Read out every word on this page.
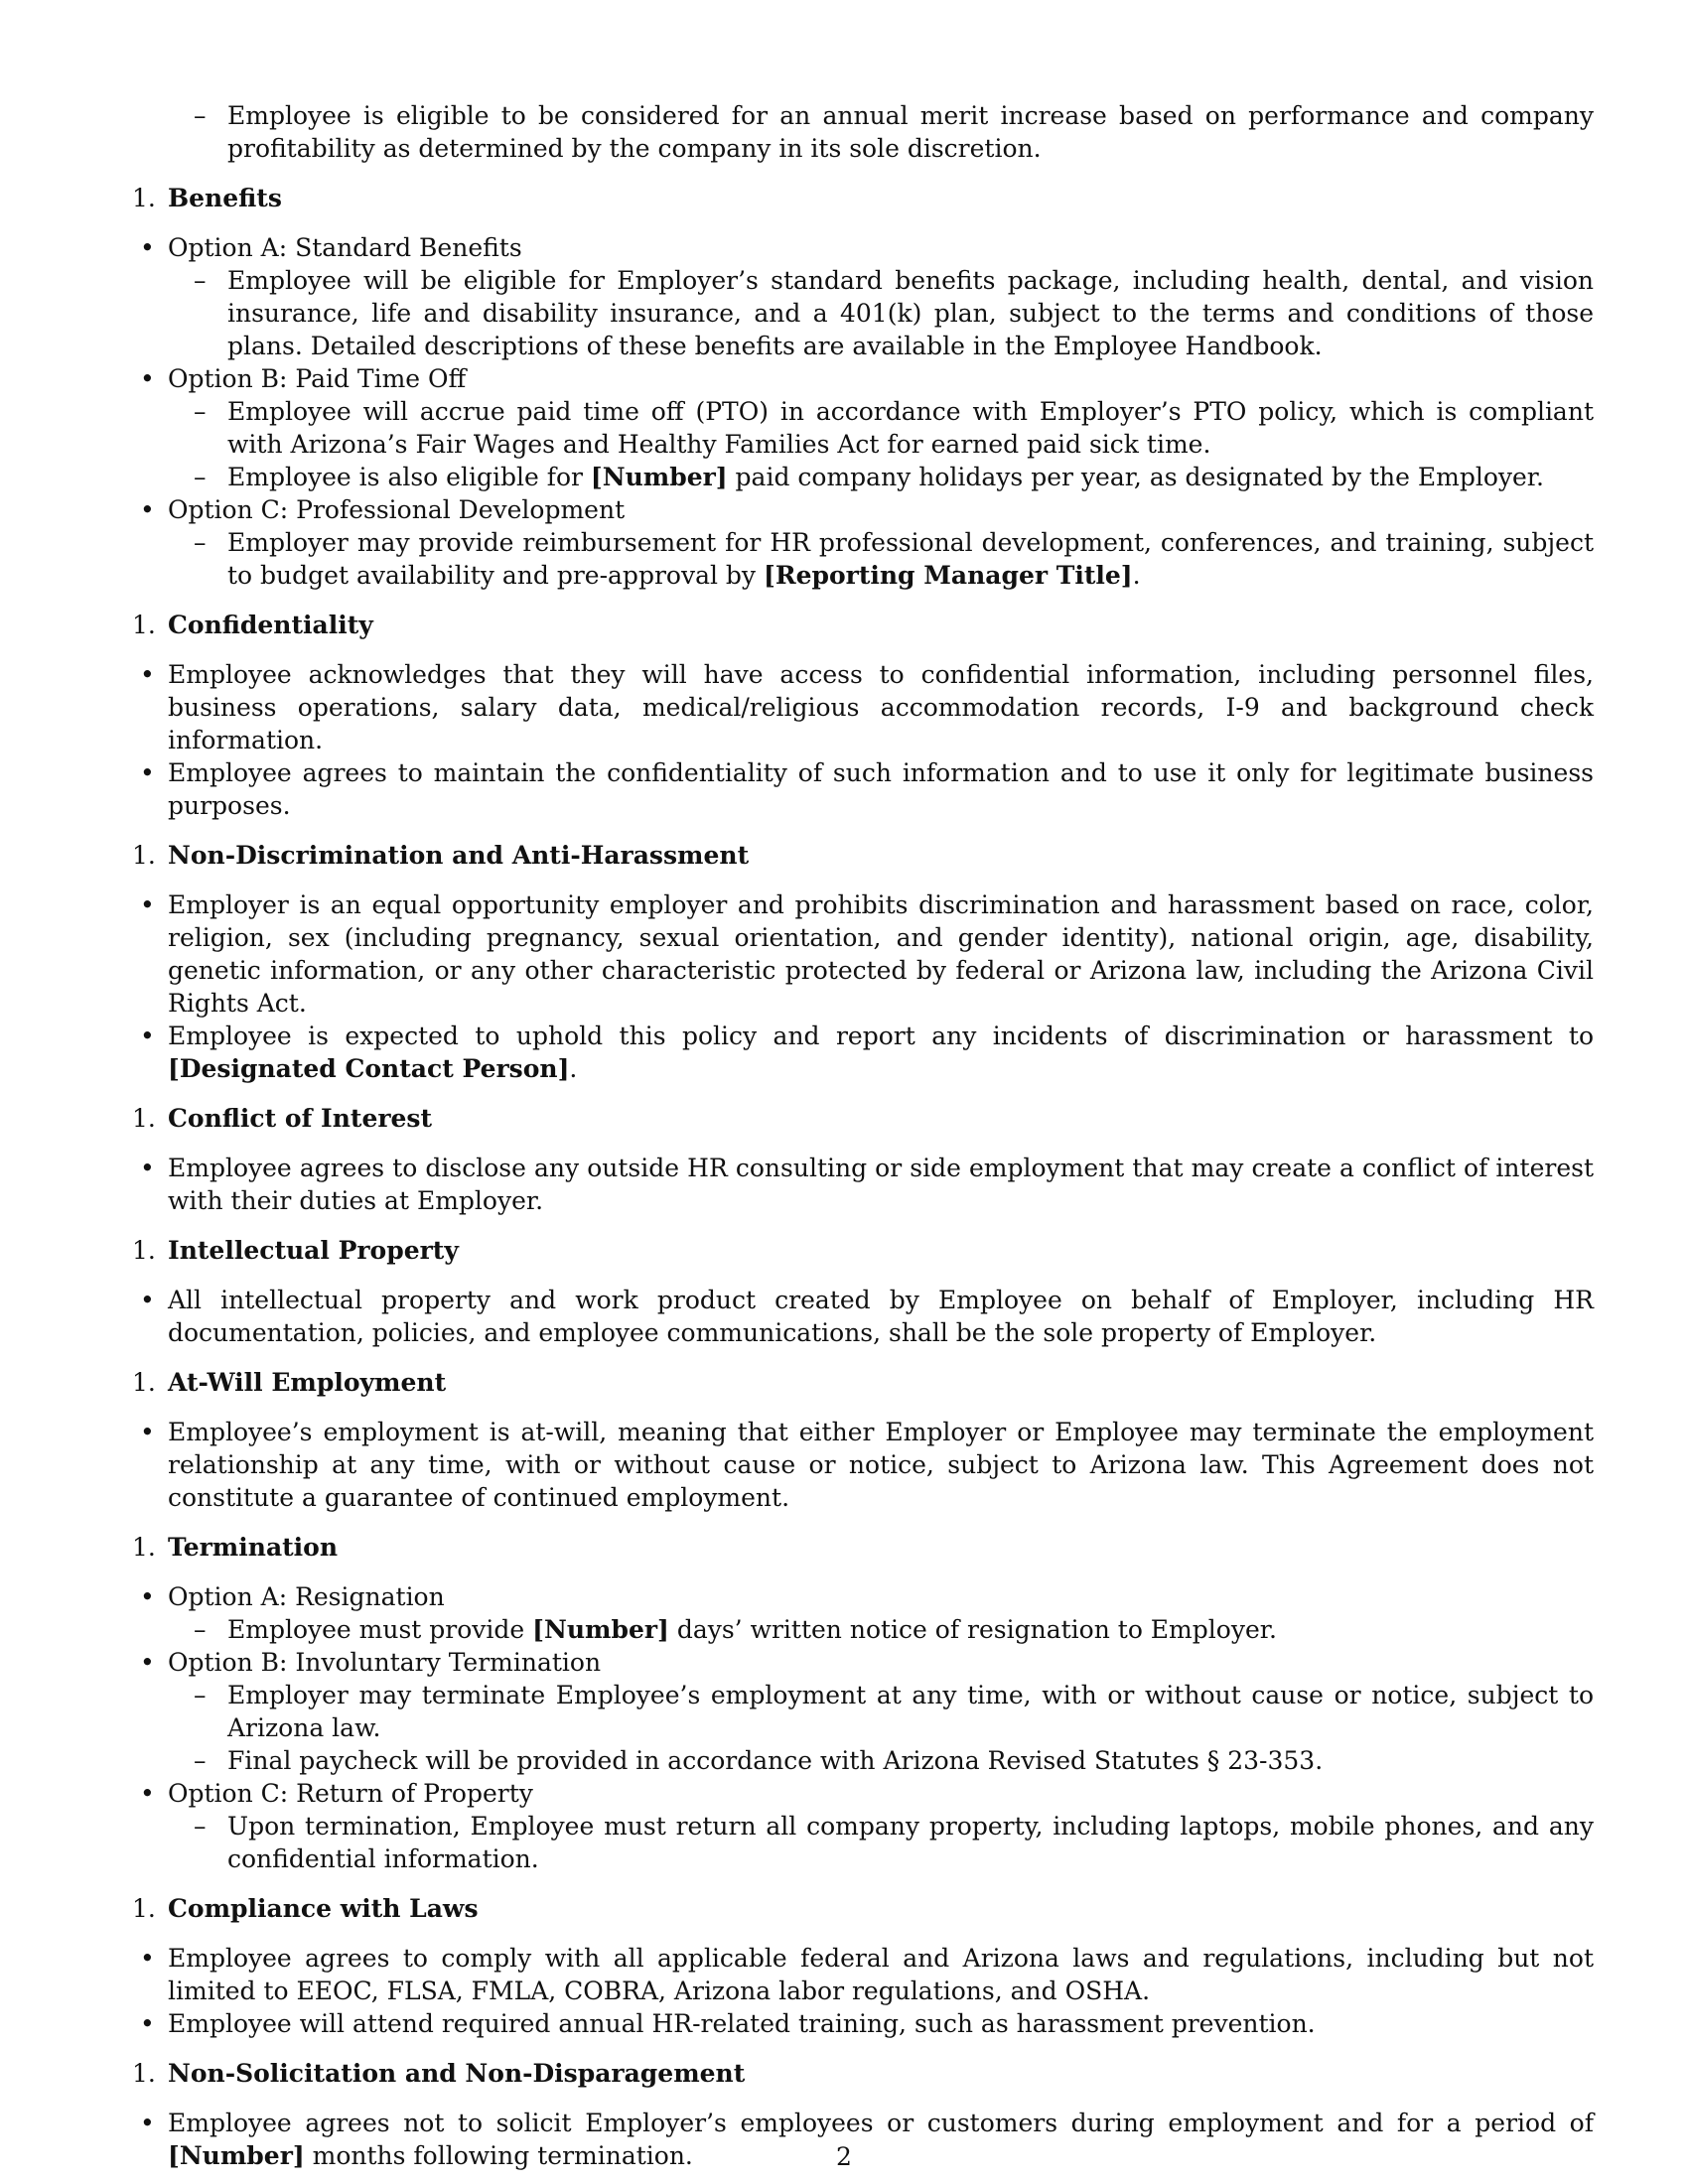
– Employee is eligible to be considered for an annual merit increase based on performance and company profitability as determined by the company in its sole discretion.
1. Benefits
• Option A: Standard Benefits
– Employee will be eligible for Employer’s standard benefits package, including health, dental, and vision insurance, life and disability insurance, and a 401(k) plan, subject to the terms and conditions of those plans. Detailed descriptions of these benefits are available in the Employee Handbook.
• Option B: Paid Time Off
– Employee will accrue paid time off (PTO) in accordance with Employer’s PTO policy, which is compliant with Arizona’s Fair Wages and Healthy Families Act for earned paid sick time.
– Employee is also eligible for [Number] paid company holidays per year, as designated by the Employer.
• Option C: Professional Development
– Employer may provide reimbursement for HR professional development, conferences, and training, subject to budget availability and pre-approval by [Reporting Manager Title].
1. Confidentiality
• Employee acknowledges that they will have access to confidential information, including personnel files, business operations, salary data, medical/religious accommodation records, I-9 and background check information.
• Employee agrees to maintain the confidentiality of such information and to use it only for legitimate business purposes.
1. Non-Discrimination and Anti-Harassment
• Employer is an equal opportunity employer and prohibits discrimination and harassment based on race, color, religion, sex (including pregnancy, sexual orientation, and gender identity), national origin, age, disability, genetic information, or any other characteristic protected by federal or Arizona law, including the Arizona Civil Rights Act.
• Employee is expected to uphold this policy and report any incidents of discrimination or harassment to [Designated Contact Person].
1. Conflict of Interest
• Employee agrees to disclose any outside HR consulting or side employment that may create a conflict of interest with their duties at Employer.
1. Intellectual Property
• All intellectual property and work product created by Employee on behalf of Employer, including HR documentation, policies, and employee communications, shall be the sole property of Employer.
1. At-Will Employment
• Employee’s employment is at-will, meaning that either Employer or Employee may terminate the employment relationship at any time, with or without cause or notice, subject to Arizona law. This Agreement does not constitute a guarantee of continued employment.
1. Termination
• Option A: Resignation
– Employee must provide [Number] days’ written notice of resignation to Employer.
• Option B: Involuntary Termination
– Employer may terminate Employee’s employment at any time, with or without cause or notice, subject to Arizona law.
– Final paycheck will be provided in accordance with Arizona Revised Statutes § 23-353.
• Option C: Return of Property
– Upon termination, Employee must return all company property, including laptops, mobile phones, and any confidential information.
1. Compliance with Laws
• Employee agrees to comply with all applicable federal and Arizona laws and regulations, including but not limited to EEOC, FLSA, FMLA, COBRA, Arizona labor regulations, and OSHA.
• Employee will attend required annual HR-related training, such as harassment prevention.
1. Non-Solicitation and Non-Disparagement
• Employee agrees not to solicit Employer’s employees or customers during employment and for a period of [Number] months following termination.	2
